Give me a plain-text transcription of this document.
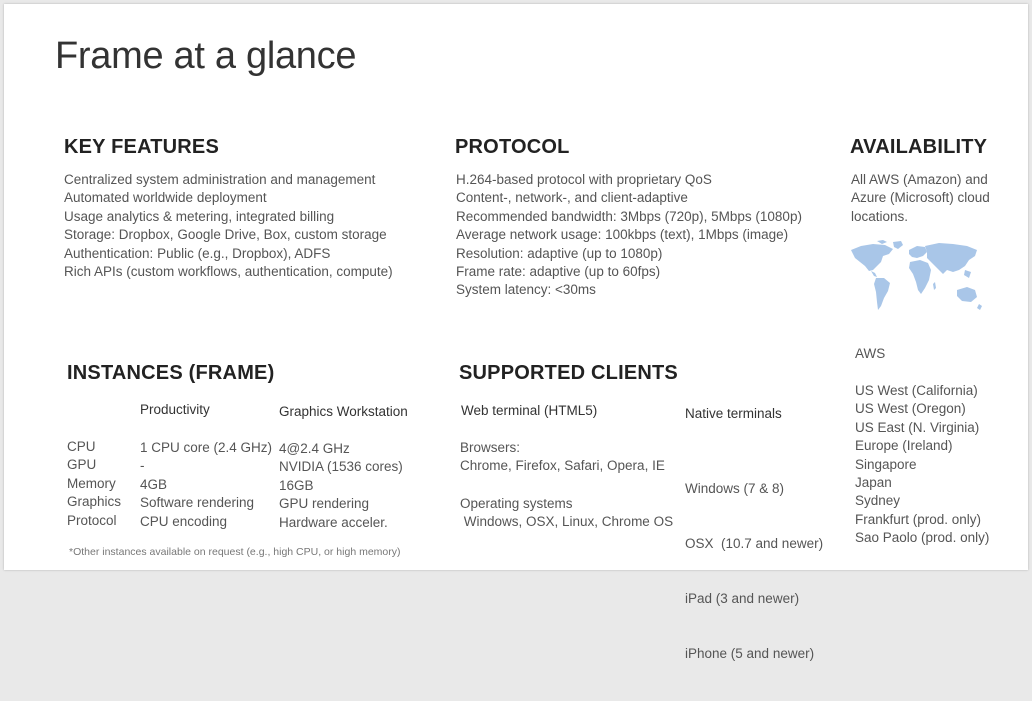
Frame at a glance
KEY FEATURES
Centralized system administration and management
Automated worldwide deployment
Usage analytics & metering, integrated billing
Storage: Dropbox, Google Drive, Box, custom storage
Authentication: Public (e.g., Dropbox), ADFS
Rich APIs (custom workflows, authentication, compute)
PROTOCOL
H.264-based protocol with proprietary QoS
Content-, network-, and client-adaptive
Recommended bandwidth: 3Mbps (720p), 5Mbps (1080p)
Average network usage: 100kbps (text), 1Mbps (image)
Resolution: adaptive (up to 1080p)
Frame rate: adaptive (up to 60fps)
System latency: <30ms
AVAILABILITY
All AWS (Amazon) and
Azure (Microsoft) cloud
locations.
AWS
US West (California)
US West (Oregon)
US East (N. Virginia)
Europe (Ireland)
Singapore
Japan
Sydney
Frankfurt (prod. only)
Sao Paolo (prod. only)
INSTANCES (FRAME)
Productivity	Graphics Workstation
CPU
GPU
Memory
Graphics
Protocol
1 CPU core (2.4 GHz)
-
4GB
Software rendering
CPU encoding
4@2.4 GHz
NVIDIA (1536 cores)
16GB
GPU rendering
Hardware acceler.
*Other instances available on request (e.g., high CPU, or high memory)
SUPPORTED CLIENTS
Web terminal (HTML5)
Browsers:
Chrome, Firefox, Safari, Opera, IE
Operating systems
Windows, OSX, Linux, Chrome OS
Native terminals

Windows (7 & 8)

OSX  (10.7 and newer)

iPad (3 and newer)

iPhone (5 and newer)
